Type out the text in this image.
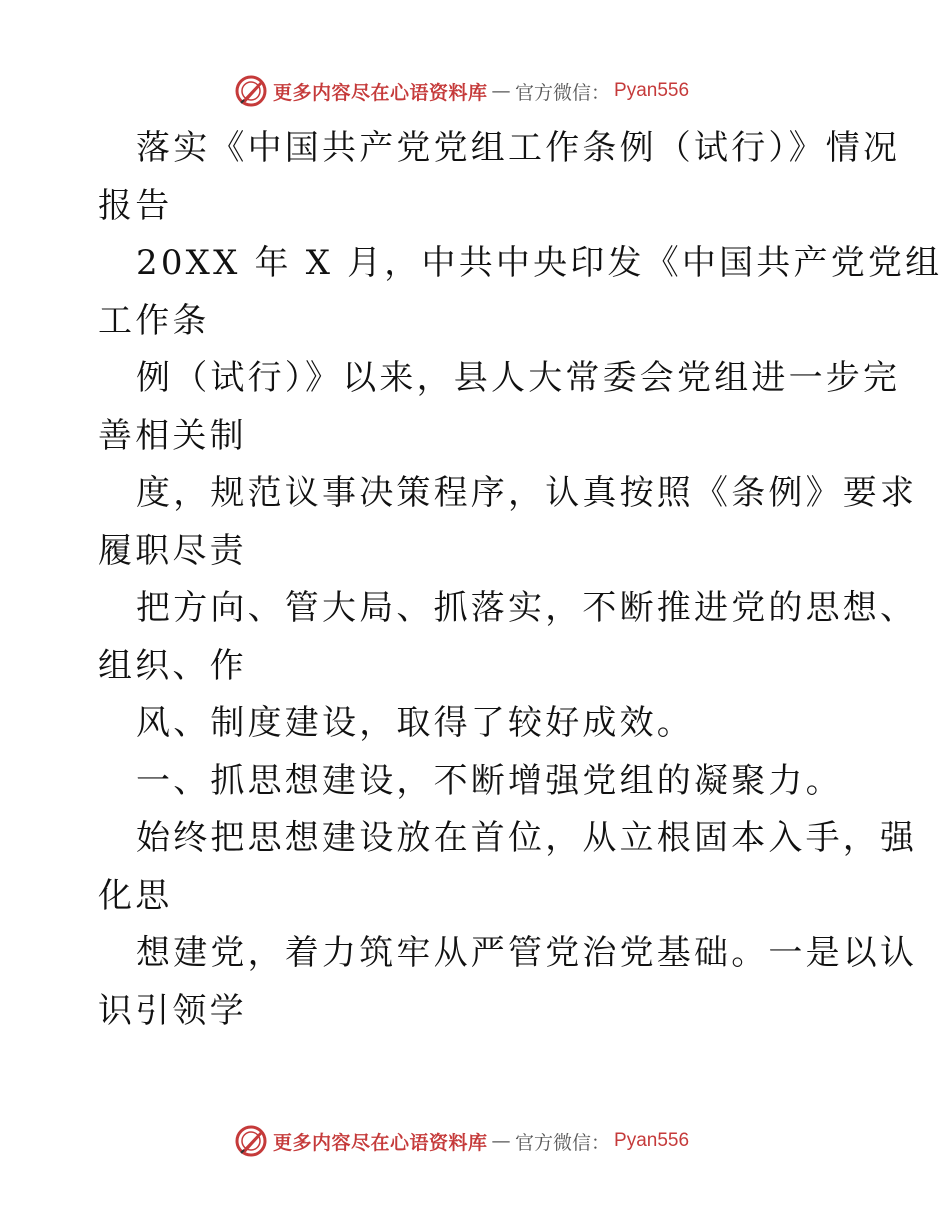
更多内容尽在心语资料库 — 官方微信： Pyan556
落实《中国共产党党组工作条例（试行）》情况
报告
20XX 年 X 月，中共中央印发《中国共产党党组
工作条
例（试行）》以来，县人大常委会党组进一步完
善相关制
度，规范议事决策程序，认真按照《条例》要求
履职尽责
把方向、管大局、抓落实，不断推进党的思想、
组织、作
风、制度建设，取得了较好成效。
一、抓思想建设，不断增强党组的凝聚力。
始终把思想建设放在首位，从立根固本入手，强
化思
想建党，着力筑牢从严管党治党基础。一是以认
识引领学
更多内容尽在心语资料库 — 官方微信： Pyan556
